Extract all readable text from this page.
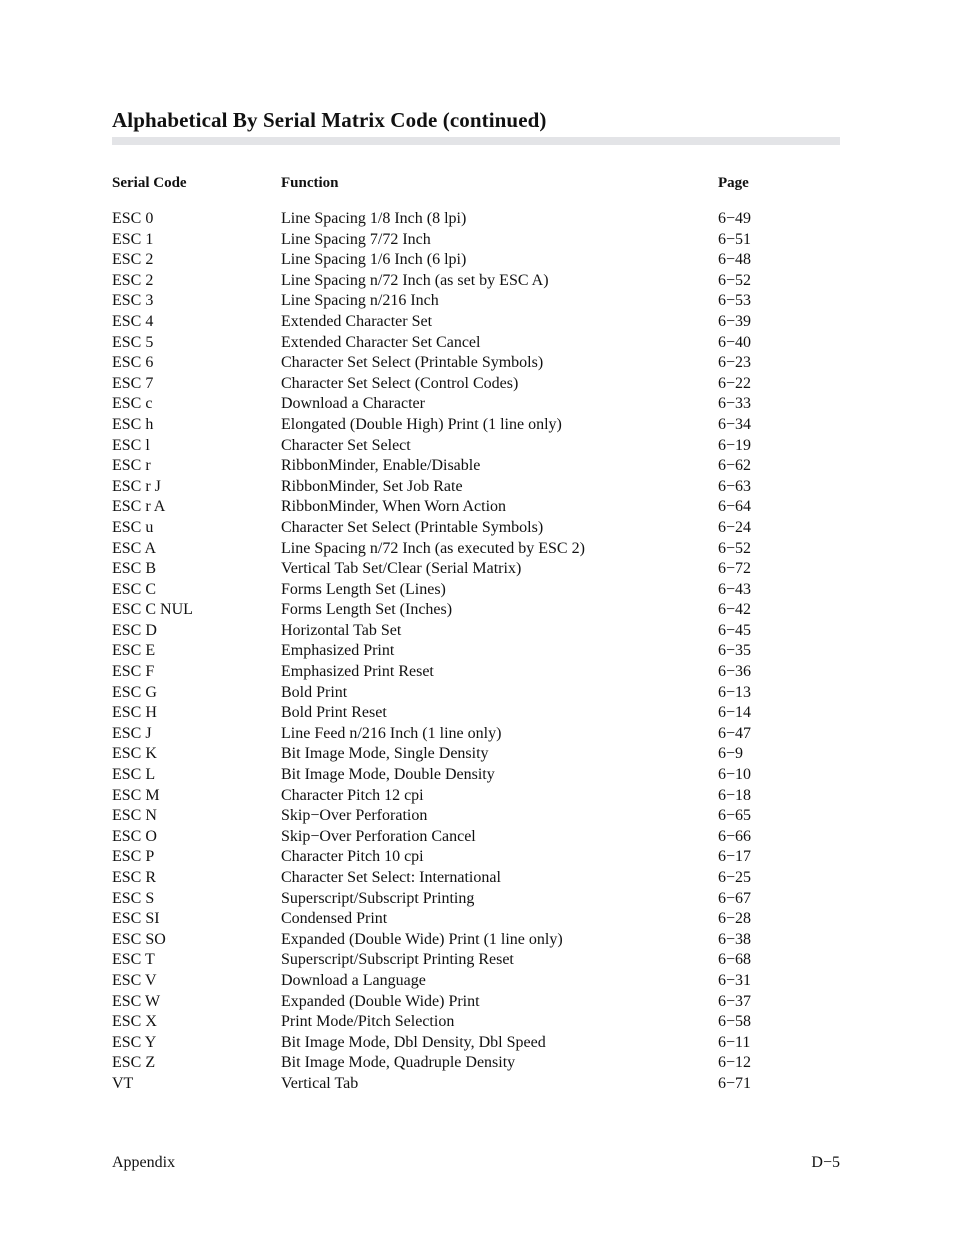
Alphabetical By Serial Matrix Code (continued)
Serial Code	Function	Page
ESC 0	Line Spacing 1/8 Inch (8 lpi)	6−49
ESC 1	Line Spacing 7/72 Inch	6−51
ESC 2	Line Spacing 1/6 Inch (6 lpi)	6−48
ESC 2	Line Spacing n/72 Inch (as set by ESC A)	6−52
ESC 3	Line Spacing n/216 Inch	6−53
ESC 4	Extended Character Set	6−39
ESC 5	Extended Character Set Cancel	6−40
ESC 6	Character Set Select (Printable Symbols)	6−23
ESC 7	Character Set Select (Control Codes)	6−22
ESC c	Download a Character	6−33
ESC h	Elongated (Double High) Print (1 line only)	6−34
ESC l	Character Set Select	6−19
ESC r	RibbonMinder, Enable/Disable	6−62
ESC r J	RibbonMinder, Set Job Rate	6−63
ESC r A	RibbonMinder, When Worn Action	6−64
ESC u	Character Set Select (Printable Symbols)	6−24
ESC A	Line Spacing n/72 Inch (as executed by ESC 2)	6−52
ESC B	Vertical Tab Set/Clear (Serial Matrix)	6−72
ESC C	Forms Length Set (Lines)	6−43
ESC C NUL	Forms Length Set (Inches)	6−42
ESC D	Horizontal Tab Set	6−45
ESC E	Emphasized Print	6−35
ESC F	Emphasized Print Reset	6−36
ESC G	Bold Print	6−13
ESC H	Bold Print Reset	6−14
ESC J	Line Feed n/216 Inch (1 line only)	6−47
ESC K	Bit Image Mode, Single Density	6−9
ESC L	Bit Image Mode, Double Density	6−10
ESC M	Character Pitch 12 cpi	6−18
ESC N	Skip−Over Perforation	6−65
ESC O	Skip−Over Perforation Cancel	6−66
ESC P	Character Pitch 10 cpi	6−17
ESC R	Character Set Select: International	6−25
ESC S	Superscript/Subscript Printing	6−67
ESC SI	Condensed Print	6−28
ESC SO	Expanded (Double Wide) Print (1 line only)	6−38
ESC T	Superscript/Subscript Printing Reset	6−68
ESC V	Download a Language	6−31
ESC W	Expanded (Double Wide) Print	6−37
ESC X	Print Mode/Pitch Selection	6−58
ESC Y	Bit Image Mode, Dbl Density, Dbl Speed	6−11
ESC Z	Bit Image Mode, Quadruple Density	6−12
VT	Vertical Tab	6−71
Appendix	D−5
